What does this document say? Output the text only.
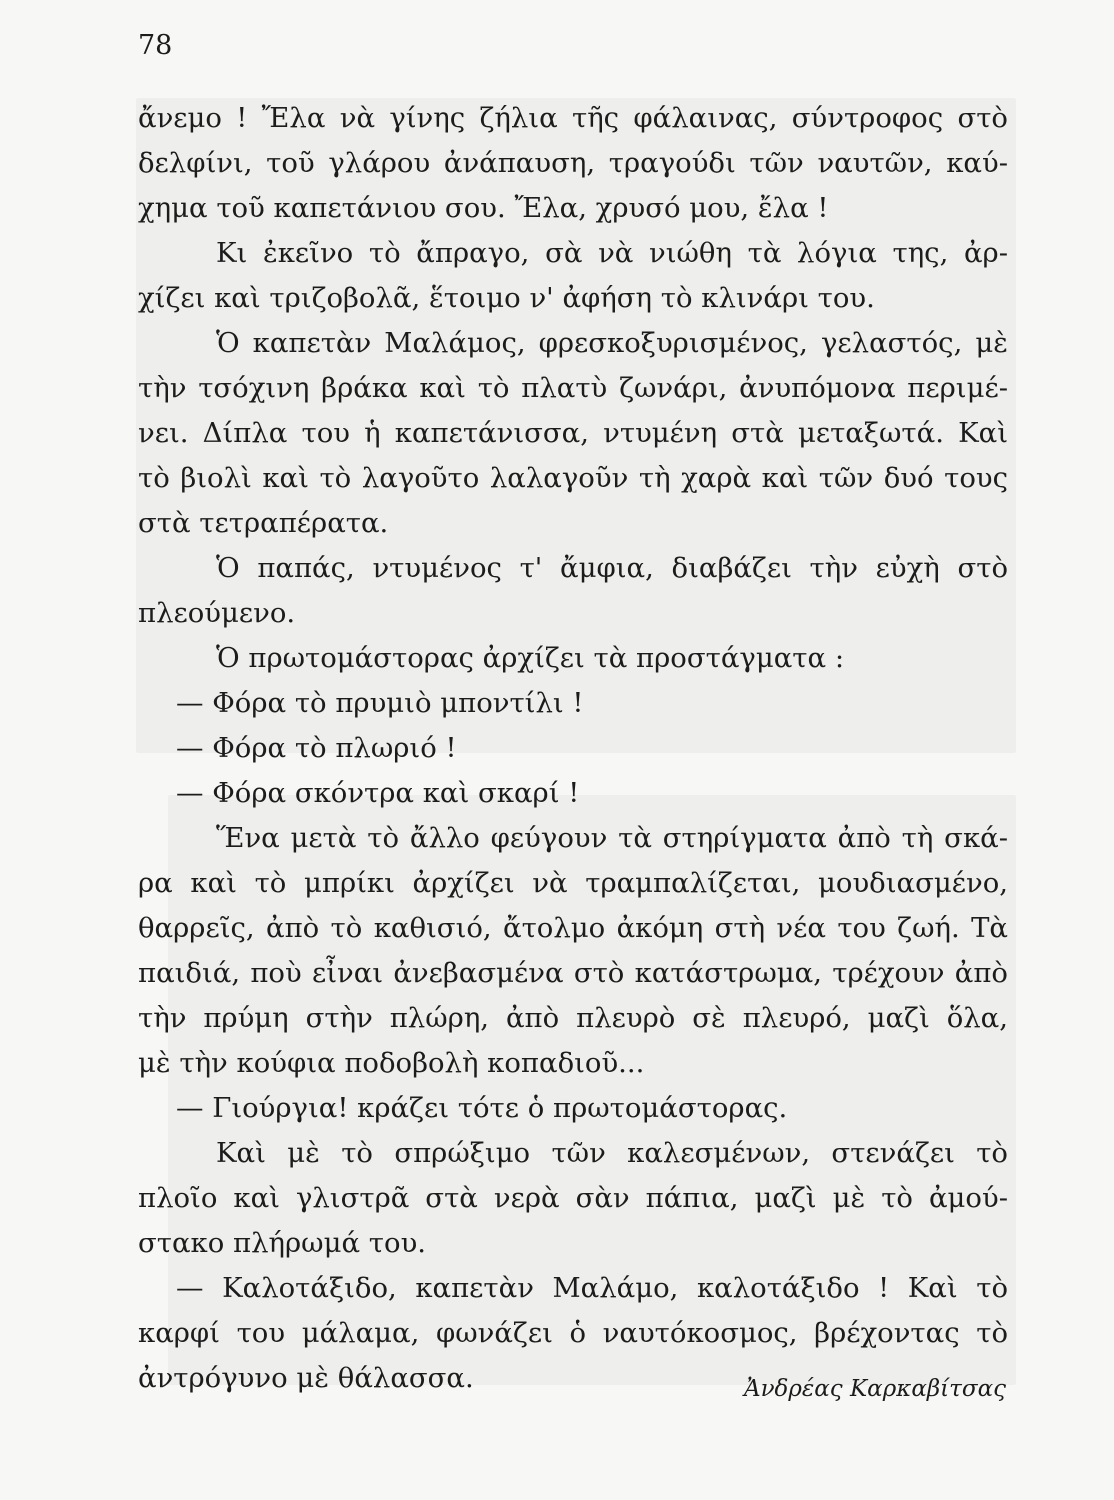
78
ἄνεμο ! Ἔλα νὰ γίνης ζήλια τῆς φάλαινας, σύντροφος στὸ
δελφίνι, τοῦ γλάρου ἀνάπαυση, τραγούδι τῶν ναυτῶν, καύ-
χημα τοῦ καπετάνιου σου. Ἔλα, χρυσό μου, ἔλα !
Κι ἐκεῖνο τὸ ἄπραγο, σὰ νὰ νιώθη τὰ λόγια της, ἀρ-
χίζει καὶ τριζοβολᾶ, ἕτοιμο ν' ἀφήση τὸ κλινάρι του.
Ὁ καπετὰν Μαλάμος, φρεσκοξυρισμένος, γελαστός, μὲ
τὴν τσόχινη βράκα καὶ τὸ πλατὺ ζωνάρι, ἀνυπόμονα περιμέ-
νει. Δίπλα του ἡ καπετάνισσα, ντυμένη στὰ μεταξωτά. Καὶ
τὸ βιολὶ καὶ τὸ λαγοῦτο λαλαγοῦν τὴ χαρὰ καὶ τῶν δυό τους
στὰ τετραπέρατα.
Ὁ παπάς, ντυμένος τ' ἄμφια, διαβάζει τὴν εὐχὴ στὸ
πλεούμενο.
Ὁ πρωτομάστορας ἀρχίζει τὰ προστάγματα :
— Φόρα τὸ πρυμιὸ μποντίλι !
— Φόρα τὸ πλωριό !
— Φόρα σκόντρα καὶ σκαρί !
Ἕνα μετὰ τὸ ἄλλο φεύγουν τὰ στηρίγματα ἀπὸ τὴ σκά-
ρα καὶ τὸ μπρίκι ἀρχίζει νὰ τραμπαλίζεται, μουδιασμένο,
θαρρεῖς, ἀπὸ τὸ καθισιό, ἄτολμο ἀκόμη στὴ νέα του ζωή. Τὰ
παιδιά, ποὺ εἶναι ἀνεβασμένα στὸ κατάστρωμα, τρέχουν ἀπὸ
τὴν πρύμη στὴν πλώρη, ἀπὸ πλευρὸ σὲ πλευρό, μαζὶ ὅλα,
μὲ τὴν κούφια ποδοβολὴ κοπαδιοῦ...
— Γιούργια! κράζει τότε ὁ πρωτομάστορας.
Καὶ μὲ τὸ σπρώξιμο τῶν καλεσμένων, στενάζει τὸ
πλοῖο καὶ γλιστρᾶ στὰ νερὰ σὰν πάπια, μαζὶ μὲ τὸ ἀμού-
στακο πλήρωμά του.
— Καλοτάξιδο, καπετὰν Μαλάμο, καλοτάξιδο ! Καὶ τὸ
καρφί του μάλαμα, φωνάζει ὁ ναυτόκοσμος, βρέχοντας τὸ
ἀντρόγυνο μὲ θάλασσα.	Ἀνδρέας Καρκαβίτσας
